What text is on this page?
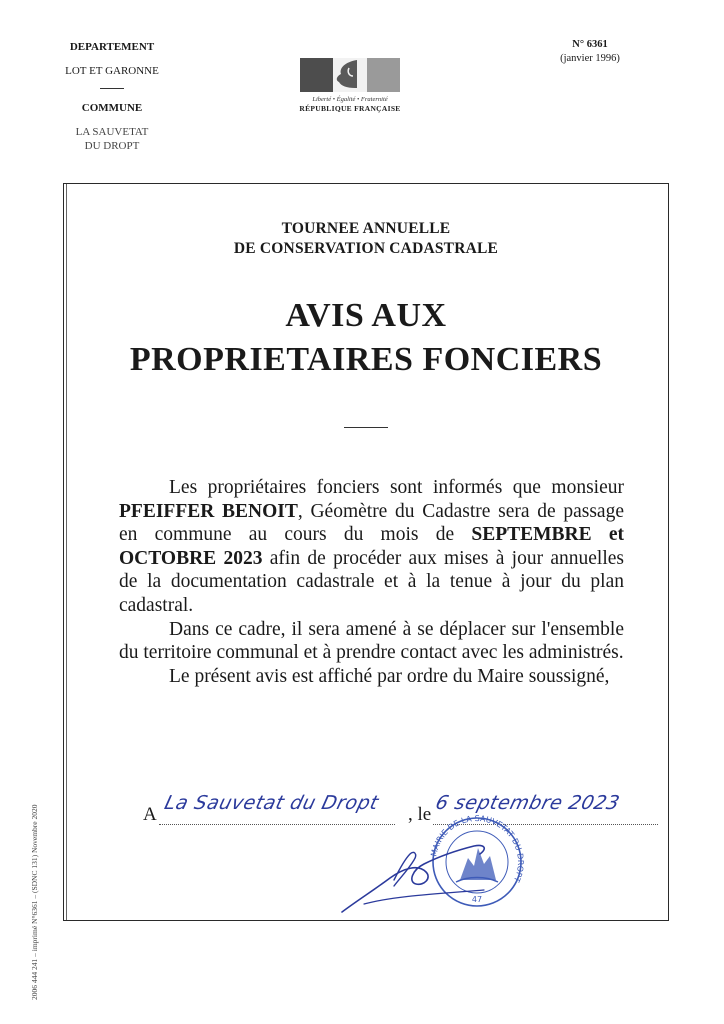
DEPARTEMENT
LOT ET GARONNE
COMMUNE
LA SAUVETAT
DU DROPT
Liberté • Égalité • Fraternité
RÉPUBLIQUE FRANÇAISE
N° 6361
(janvier 1996)
2006 444 241 – imprimé N°6361 – (SDNC 131) Novembre 2020
TOURNEE ANNUELLE
DE CONSERVATION CADASTRALE
AVIS AUX
PROPRIETAIRES FONCIERS

Les propriétaires fonciers sont informés que monsieur PFEIFFER BENOIT, Géomètre du Cadastre sera de passage en commune au cours du mois de SEPTEMBRE et OCTOBRE 2023 afin de procéder aux mises à jour annuelles de la documentation cadastrale et à la tenue à jour du plan cadastral.

Dans ce cadre, il sera amené à se déplacer sur l'ensemble du territoire communal et à prendre contact avec les administrés.

Le présent avis est affiché par ordre du Maire soussigné,

A
La Sauvetat du Dropt
, le
6 septembre 2023
MAIRIE DE LA SAUVETAT DU DROPT
47
